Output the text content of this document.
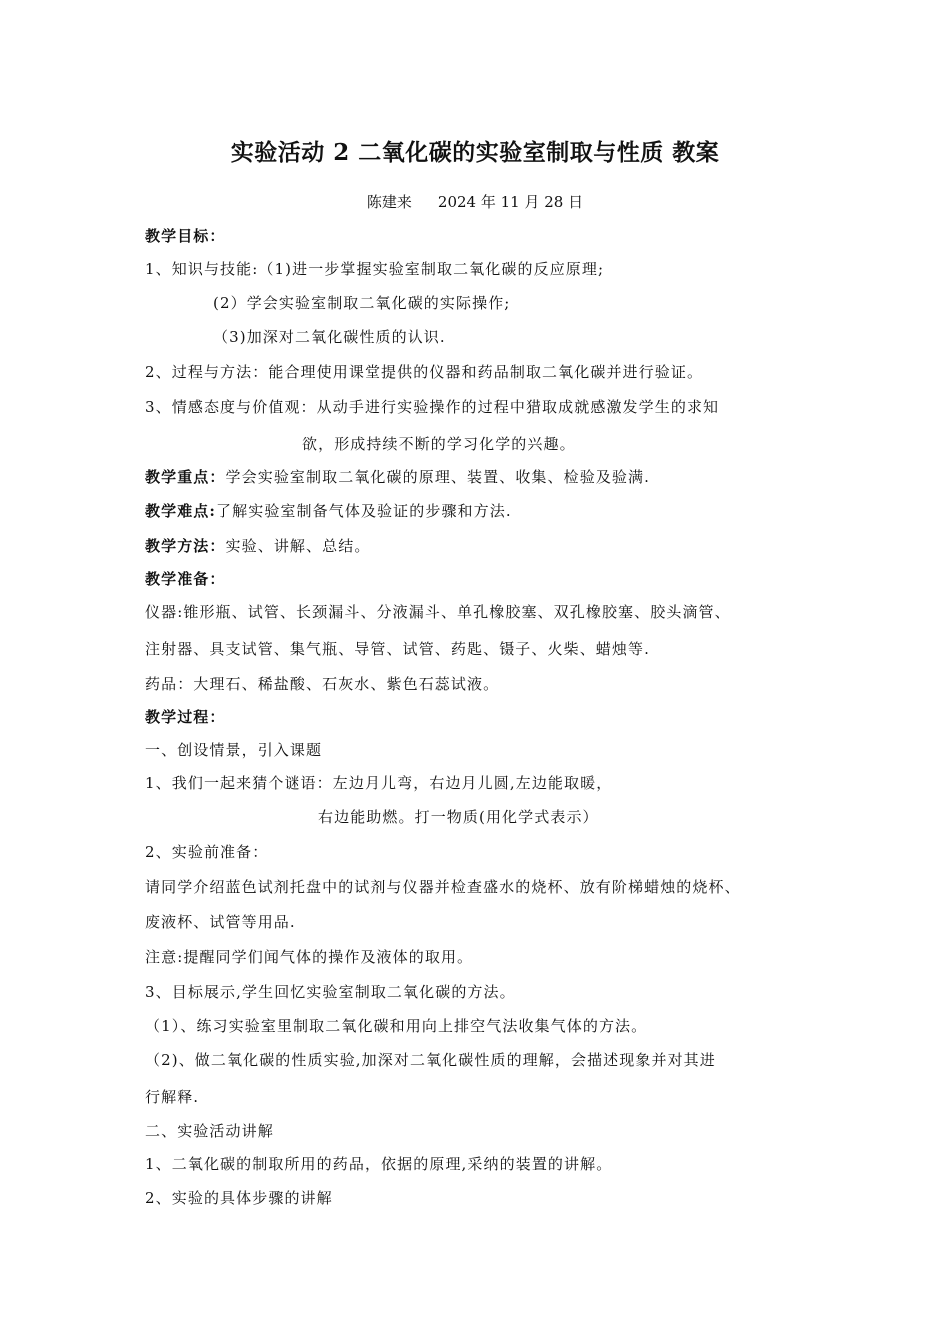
实验活动 2 二氧化碳的实验室制取与性质 教案
陈建来 2024 年 11 月 28 日
教学目标：
1、知识与技能:（1)进一步掌握实验室制取二氧化碳的反应原理;
(2）学会实验室制取二氧化碳的实际操作;
（3)加深对二氧化碳性质的认识.
2、过程与方法：能合理使用课堂提供的仪器和药品制取二氧化碳并进行验证。
3、情感态度与价值观：从动手进行实验操作的过程中猎取成就感激发学生的求知
欲，形成持续不断的学习化学的兴趣。
教学重点：学会实验室制取二氧化碳的原理、装置、收集、检验及验满.
教学难点:了解实验室制备气体及验证的步骤和方法.
教学方法：实验、讲解、总结。
教学准备：
仪器:锥形瓶、试管、长颈漏斗、分液漏斗、单孔橡胶塞、双孔橡胶塞、胶头滴管、
注射器、具支试管、集气瓶、导管、试管、药匙、镊子、火柴、蜡烛等.
药品：大理石、稀盐酸、石灰水、紫色石蕊试液。
教学过程：
一、创设情景，引入课题
1、我们一起来猜个谜语：左边月儿弯，右边月儿圆,左边能取暖，
右边能助燃。打一物质(用化学式表示）
2、实验前准备：
请同学介绍蓝色试剂托盘中的试剂与仪器并检查盛水的烧杯、放有阶梯蜡烛的烧杯、
废液杯、试管等用品.
注意:提醒同学们闻气体的操作及液体的取用。
3、目标展示,学生回忆实验室制取二氧化碳的方法。
（1）、练习实验室里制取二氧化碳和用向上排空气法收集气体的方法。
（2)、做二氧化碳的性质实验,加深对二氧化碳性质的理解，会描述现象并对其进
行解释.
二、实验活动讲解
1、二氧化碳的制取所用的药品，依据的原理,采纳的装置的讲解。
2、实验的具体步骤的讲解
